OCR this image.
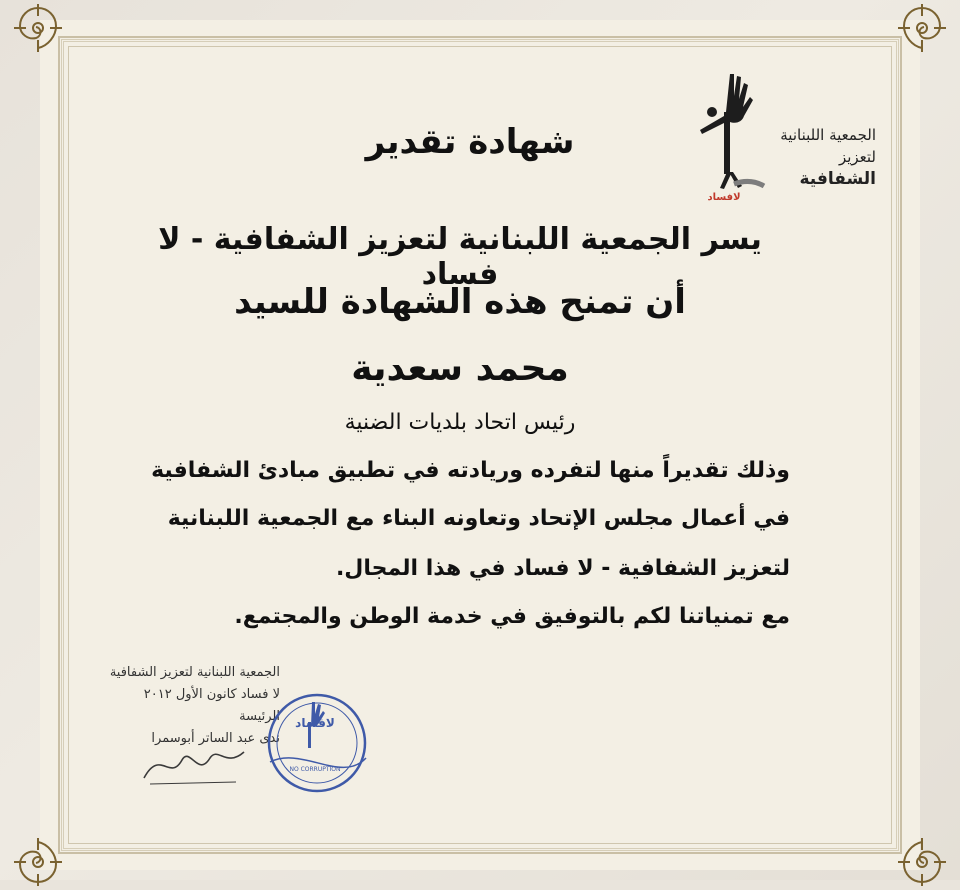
الجمعية اللبنانية
لتعزيز
الشفافية
لافساد
شهادة تقدير
يسر الجمعية اللبنانية لتعزيز الشفافية - لا فساد
أن تمنح هذه الشهادة للسيد
محمد سعدية
رئيس اتحاد بلديات الضنية
وذلك تقديراً منها لتفرده وريادته في تطبيق مبادئ الشفافية
في أعمال مجلس الإتحاد وتعاونه البناء مع الجمعية اللبنانية
لتعزيز الشفافية - لا فساد في هذا المجال.
مع تمنياتنا لكم بالتوفيق في خدمة الوطن والمجتمع.
الجمعية اللبنانية لتعزيز الشفافية
لا فساد كانون الأول ٢٠١٢
الرئيسة
ندى عبد الساتر أبوسمرا
لافساد
NO CORRUPTION
